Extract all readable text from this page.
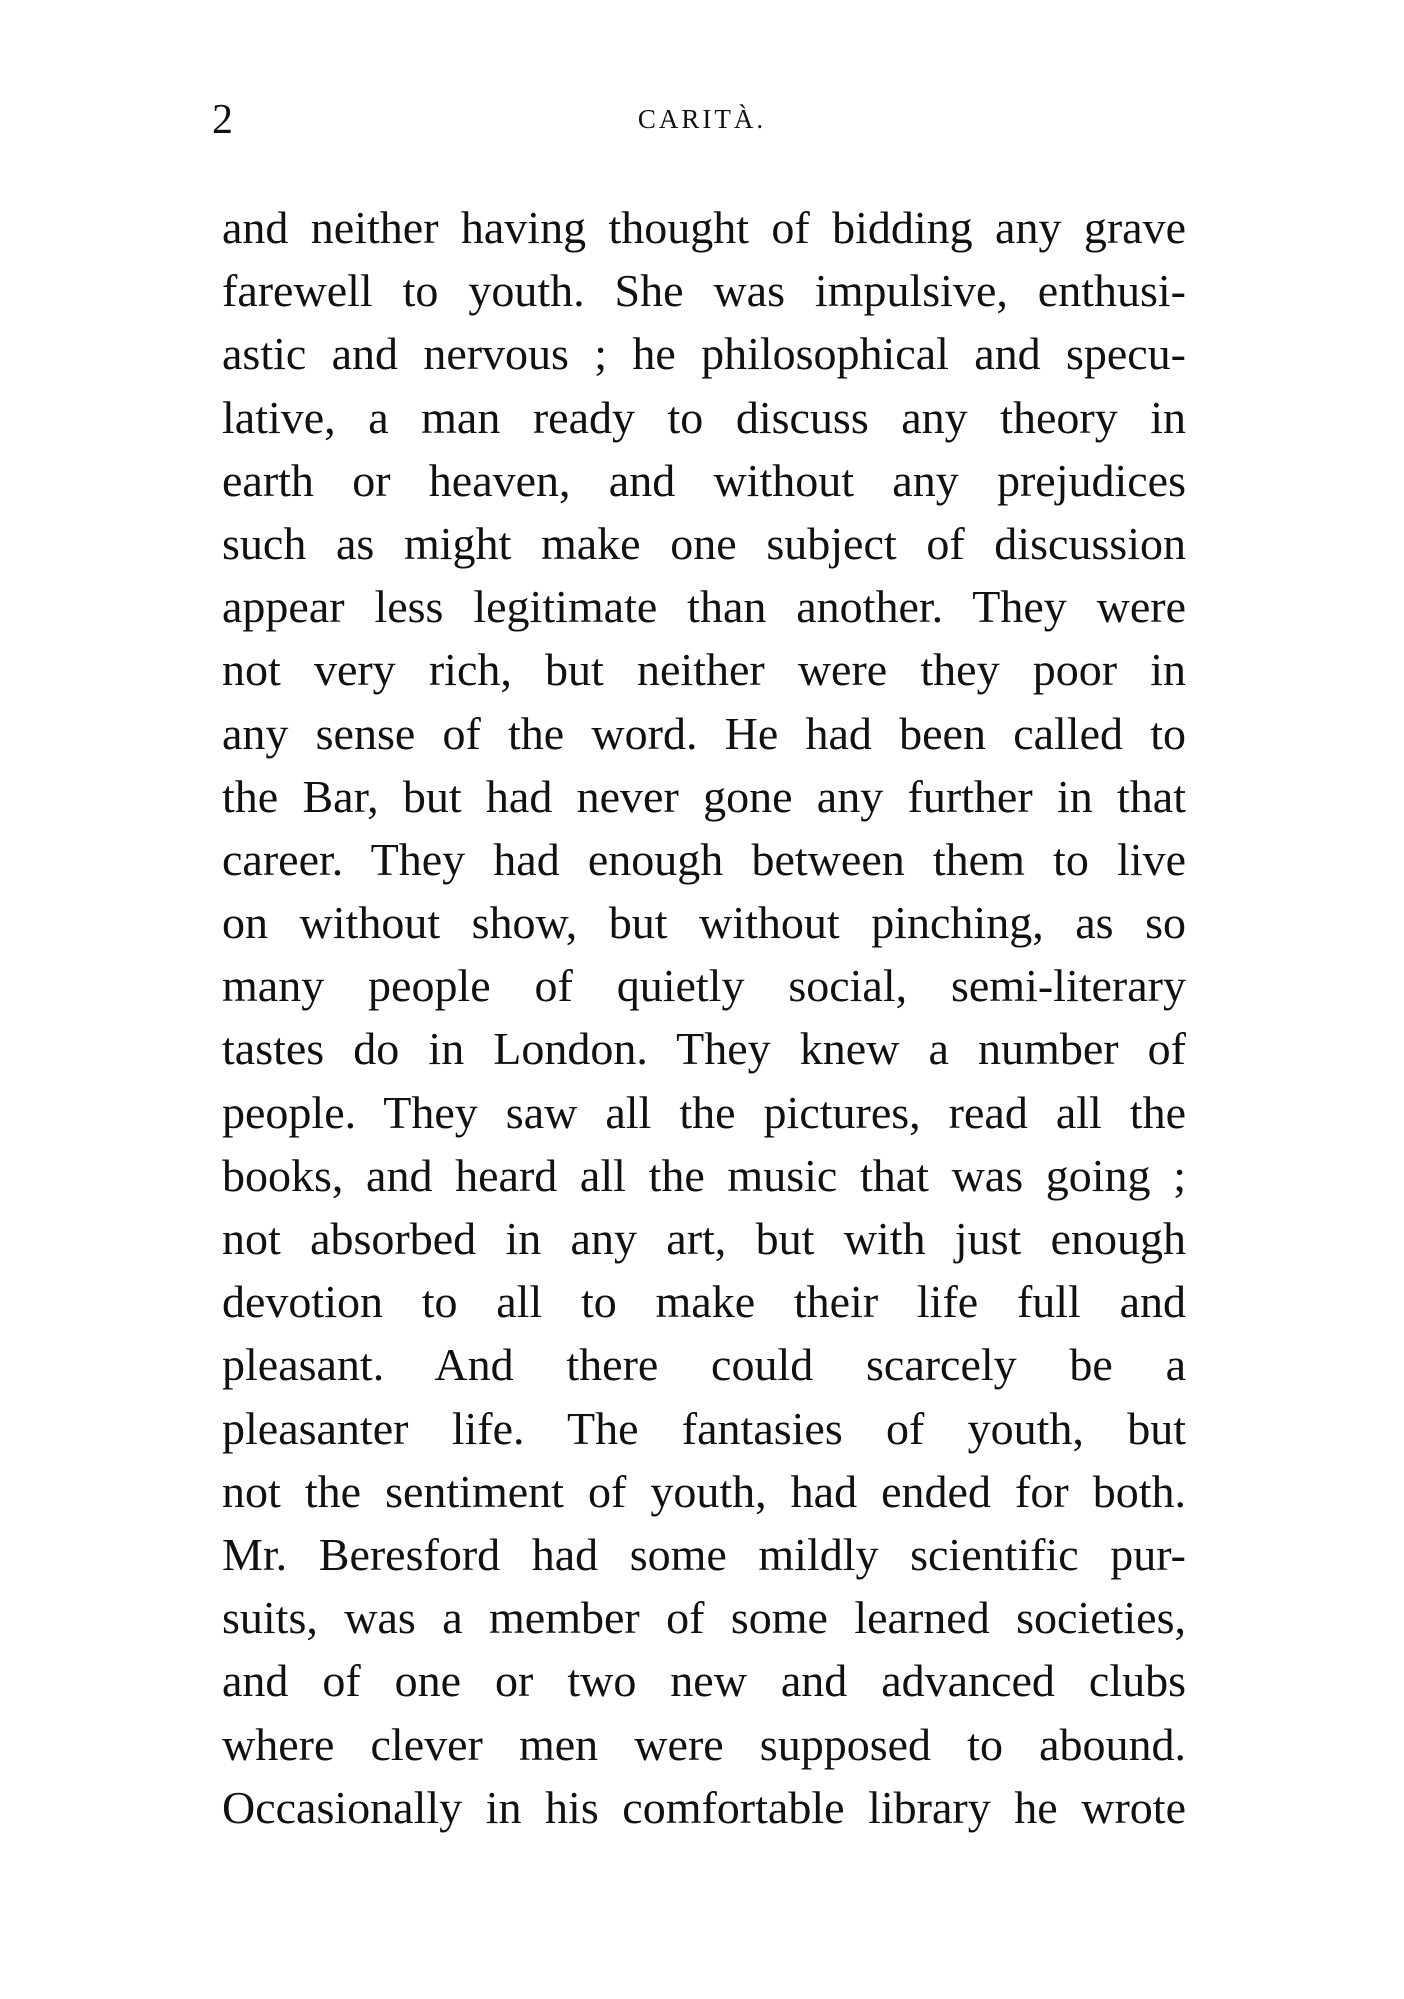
2	CARITÀ.
and neither having thought of bidding any grave
farewell to youth. She was impulsive, enthusi-
astic and nervous ; he philosophical and specu-
lative, a man ready to discuss any theory in
earth or heaven, and without any prejudices
such as might make one subject of discussion
appear less legitimate than another. They were
not very rich, but neither were they poor in
any sense of the word. He had been called to
the Bar, but had never gone any further in that
career. They had enough between them to live
on without show, but without pinching, as so
many people of quietly social, semi-literary
tastes do in London. They knew a number of
people. They saw all the pictures, read all the
books, and heard all the music that was going ;
not absorbed in any art, but with just enough
devotion to all to make their life full and
pleasant. And there could scarcely be a
pleasanter life. The fantasies of youth, but
not the sentiment of youth, had ended for both.
Mr. Beresford had some mildly scientific pur-
suits, was a member of some learned societies,
and of one or two new and advanced clubs
where clever men were supposed to abound.
Occasionally in his comfortable library he wrote
